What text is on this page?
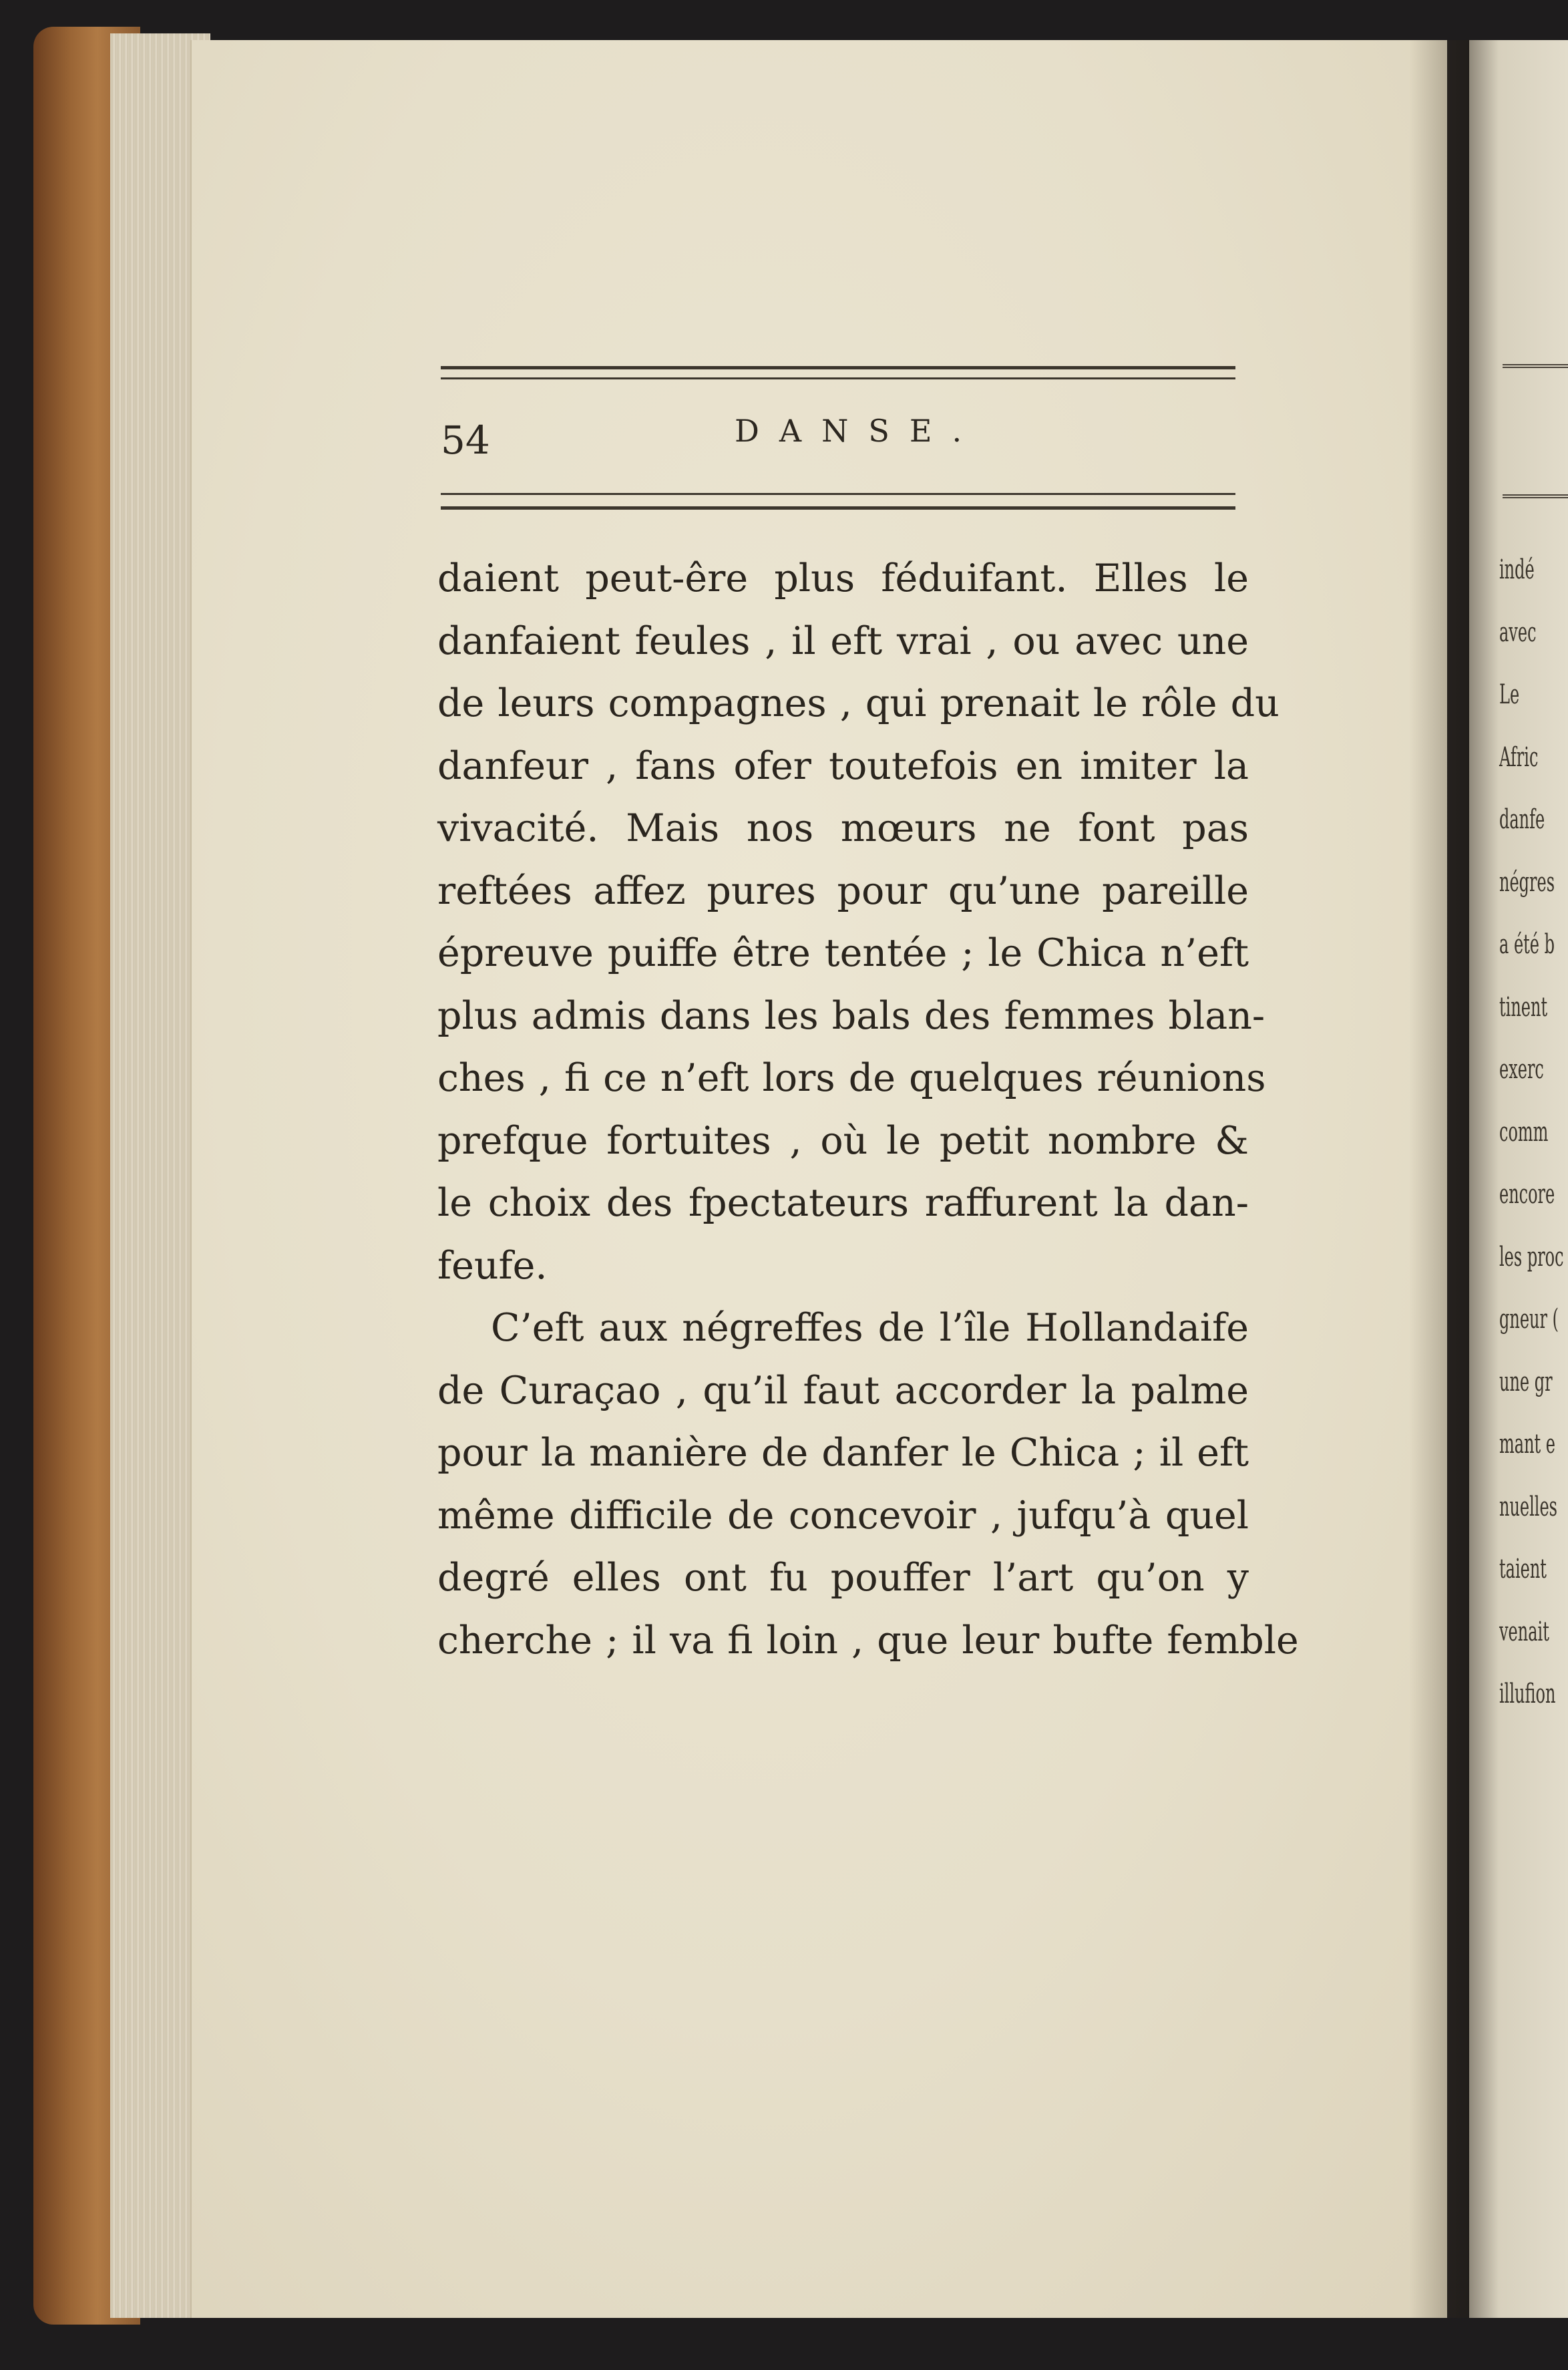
indé
avec
Le
Afric
danfe
négres
a été b
tinent
exerc
comm
encore
les proc
gneur (
une gr
mant e
nuelles
taient
venait
illufion
54	DANSE.
daient peut-êre plus féduifant. Elles le
danfaient feules , il eft vrai , ou avec une
de leurs compagnes , qui prenait le rôle du
danfeur , fans ofer toutefois en imiter la
vivacité. Mais nos mœurs ne font pas
reftées affez pures pour qu’une pareille
épreuve puiffe être tentée ; le Chica n’eft
plus admis dans les bals des femmes blan-
ches , fi ce n’eft lors de quelques réunions
prefque fortuites , où le petit nombre &
le choix des fpectateurs raffurent la dan-
feufe.
C’eft aux négreffes de l’île Hollandaife
de Curaçao , qu’il faut accorder la palme
pour la manière de danfer le Chica ; il eft
même difficile de concevoir , jufqu’à quel
degré elles ont fu pouffer l’art qu’on y
cherche ; il va fi loin , que leur bufte femble
